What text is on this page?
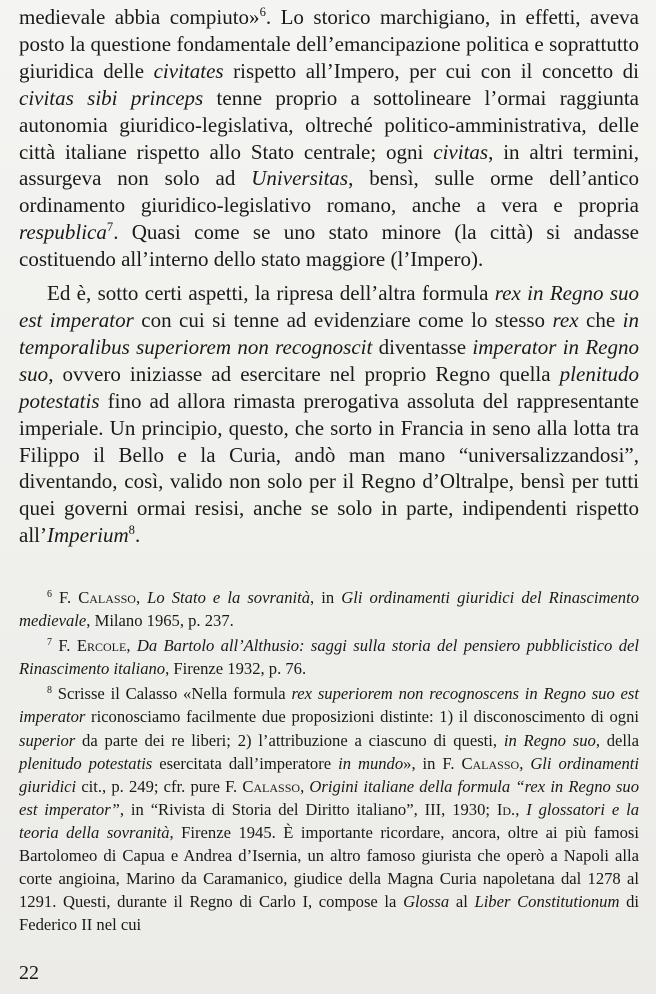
medievale abbia compiuto»$^6$. Lo storico marchigiano, in effetti, aveva posto la questione fondamentale dell’emancipazione politica e soprattutto giuridica delle civitates rispetto all’Impero, per cui con il concetto di civitas sibi princeps tenne proprio a sottolineare l’ormai raggiunta autonomia giuridico-legislativa, oltreché politico-amministrativa, delle città italiane rispetto allo Stato centrale; ogni civitas, in altri termini, assurgeva non solo ad Universitas, bensì, sulle orme dell’antico ordinamento giuridico-legislativo romano, anche a vera e propria respublica$^7$. Quasi come se uno stato minore (la città) si andasse costituendo all’interno dello stato maggiore (l’Impero).

Ed è, sotto certi aspetti, la ripresa dell’altra formula rex in Regno suo est imperator con cui si tenne ad evidenziare come lo stesso rex che in temporalibus superiorem non recognoscit diventasse imperator in Regno suo, ovvero iniziasse ad esercitare nel proprio Regno quella plenitudo potestatis fino ad allora rimasta prerogativa assoluta del rappresentante imperiale. Un principio, questo, che sorto in Francia in seno alla lotta tra Filippo il Bello e la Curia, andò man mano “universalizzandosi”, diventando, così, valido non solo per il Regno d’Oltralpe, bensì per tutti quei governi ormai resisi, anche se solo in parte, indipendenti rispetto all’Imperium$^8$.

$^6$ F. Calasso, Lo Stato e la sovranità, in Gli ordinamenti giuridici del Rinascimento medievale, Milano 1965, p. 237.

$^7$ F. Ercole, Da Bartolo all’Althusio: saggi sulla storia del pensiero pubblicistico del Rinascimento italiano, Firenze 1932, p. 76.

$^8$ Scrisse il Calasso «Nella formula rex superiorem non recognoscens in Regno suo est imperator riconosciamo facilmente due proposizioni distinte: 1) il disconoscimento di ogni superior da parte dei re liberi; 2) l’attribuzione a ciascuno di questi, in Regno suo, della plenitudo potestatis esercitata dall’imperatore in mundo», in F. Calasso, Gli ordinamenti giuridici cit., p. 249; cfr. pure F. Calasso, Origini italiane della formula “rex in Regno suo est imperator”, in “Rivista di Storia del Diritto italiano”, III, 1930; Id., I glossatori e la teoria della sovranità, Firenze 1945. È importante ricordare, ancora, oltre ai più famosi Bartolomeo di Capua e Andrea d’Isernia, un altro famoso giurista che operò a Napoli alla corte angioina, Marino da Caramanico, giudice della Magna Curia napoletana dal 1278 al 1291. Questi, durante il Regno di Carlo I, compose la Glossa al Liber Constitutionum di Federico II nel cui

22
